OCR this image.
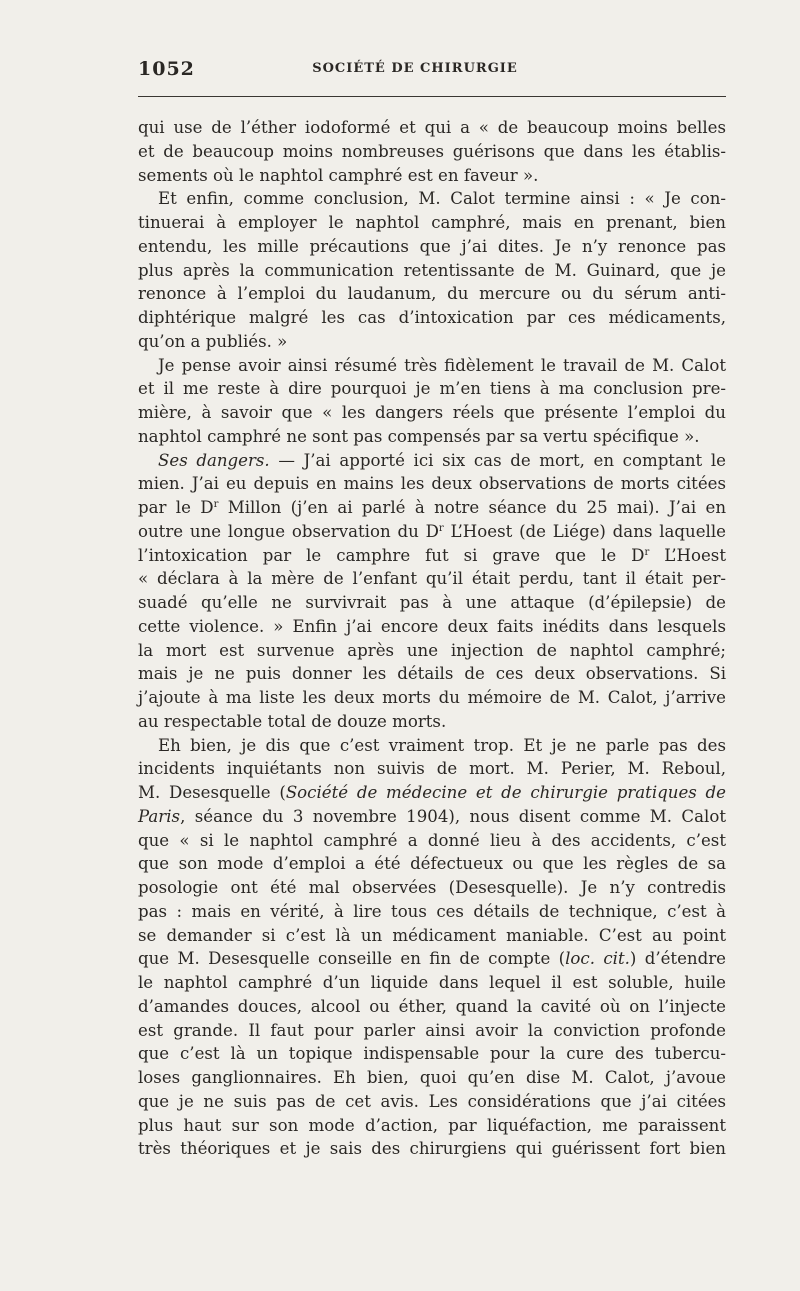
1052	SOCIÉTÉ DE CHIRURGIE
qui use de l’éther iodoformé et qui a « de beaucoup moins belles
et de beaucoup moins nombreuses guérisons que dans les établis-
sements où le naphtol camphré est en faveur ».
Et enfin, comme conclusion, M. Calot termine ainsi : « Je con-
tinuerai à employer le naphtol camphré, mais en prenant, bien
entendu, les mille précautions que j’ai dites. Je n’y renonce pas
plus après la communication retentissante de M. Guinard, que je
renonce à l’emploi du laudanum, du mercure ou du sérum anti-
diphtérique malgré les cas d’intoxication par ces médicaments,
qu’on a publiés. »
Je pense avoir ainsi résumé très fidèlement le travail de M. Calot
et il me reste à dire pourquoi je m’en tiens à ma conclusion pre-
mière, à savoir que « les dangers réels que présente l’emploi du
naphtol camphré ne sont pas compensés par sa vertu spécifique ».
Ses dangers. — J’ai apporté ici six cas de mort, en comptant le
mien. J’ai eu depuis en mains les deux observations de morts citées
par le $D^r$ Millon (j’en ai parlé à notre séance du 25 mai). J’ai en
outre une longue observation du $D^r$ L’Hoest (de Liége) dans laquelle
l’intoxication par le camphre fut si grave que le $D^r$ L’Hoest
« déclara à la mère de l’enfant qu’il était perdu, tant il était per-
suadé qu’elle ne survivrait pas à une attaque (d’épilepsie) de
cette violence. » Enfin j’ai encore deux faits inédits dans lesquels
la mort est survenue après une injection de naphtol camphré;
mais je ne puis donner les détails de ces deux observations. Si
j’ajoute à ma liste les deux morts du mémoire de M. Calot, j’arrive
au respectable total de douze morts.
Eh bien, je dis que c’est vraiment trop. Et je ne parle pas des
incidents inquiétants non suivis de mort. M. Perier, M. Reboul,
M. Desesquelle (Société de médecine et de chirurgie pratiques de
Paris, séance du 3 novembre 1904), nous disent comme M. Calot
que « si le naphtol camphré a donné lieu à des accidents, c’est
que son mode d’emploi a été défectueux ou que les règles de sa
posologie ont été mal observées (Desesquelle). Je n’y contredis
pas : mais en vérité, à lire tous ces détails de technique, c’est à
se demander si c’est là un médicament maniable. C’est au point
que M. Desesquelle conseille en fin de compte (loc. cit.) d’étendre
le naphtol camphré d’un liquide dans lequel il est soluble, huile
d’amandes douces, alcool ou éther, quand la cavité où on l’injecte
est grande. Il faut pour parler ainsi avoir la conviction profonde
que c’est là un topique indispensable pour la cure des tubercu-
loses ganglionnaires. Eh bien, quoi qu’en dise M. Calot, j’avoue
que je ne suis pas de cet avis. Les considérations que j’ai citées
plus haut sur son mode d’action, par liquéfaction, me paraissent
très théoriques et je sais des chirurgiens qui guérissent fort bien
